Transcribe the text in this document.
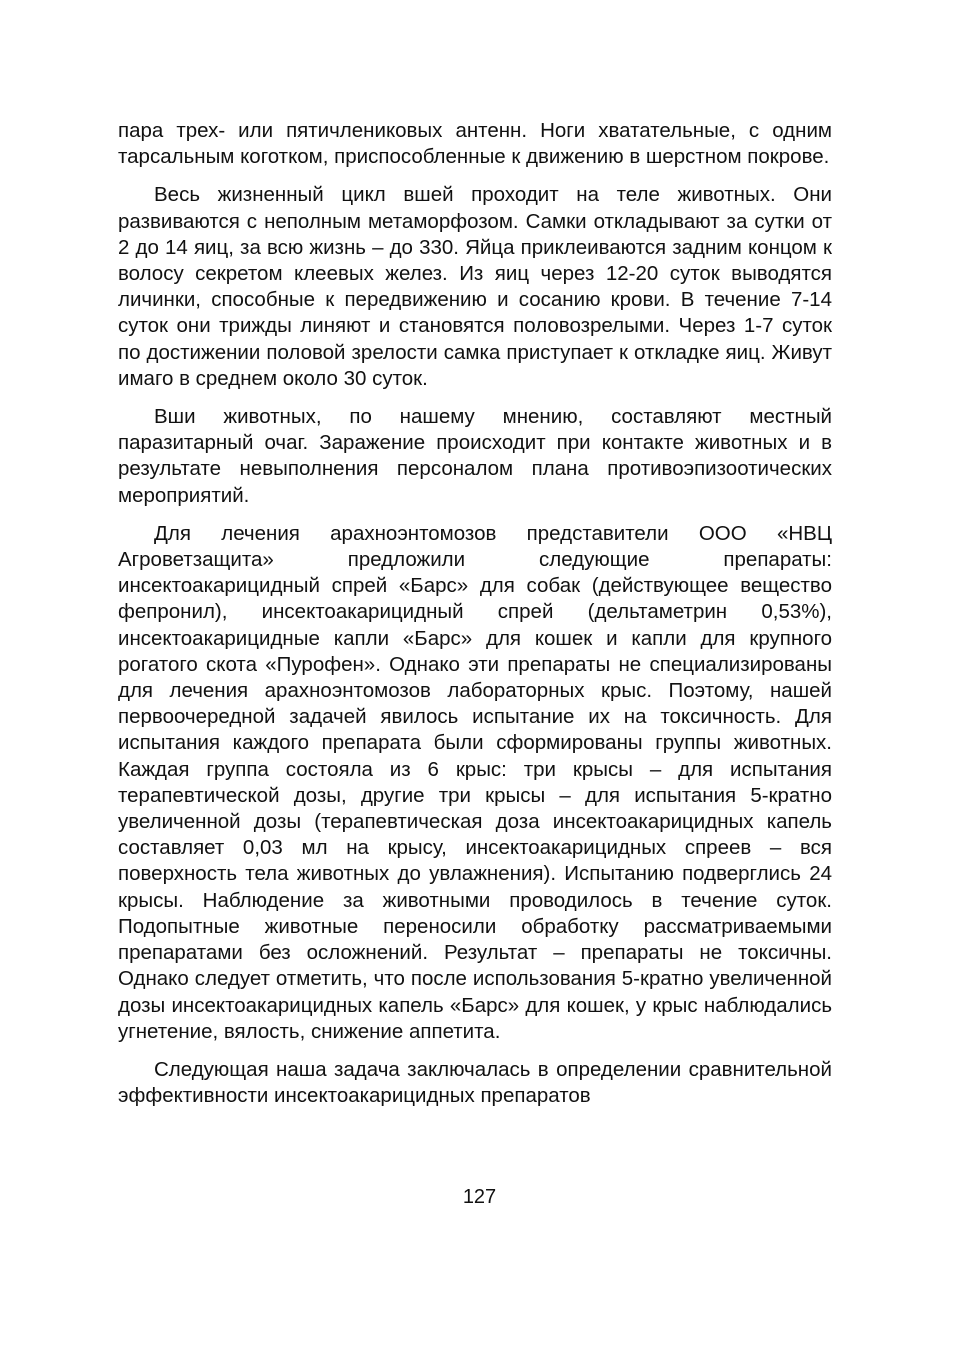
пара трех- или пятичлениковых антенн. Ноги хватательные, с одним тарсальным коготком, приспособленные к движению в шерстном покрове.

Весь жизненный цикл вшей проходит на теле животных. Они развиваются с неполным метаморфозом. Самки откладывают за сутки от 2 до 14 яиц, за всю жизнь – до 330. Яйца приклеиваются задним концом к волосу секретом клеевых желез. Из яиц через 12-20 суток выводятся личинки, способные к передвижению и сосанию крови. В течение 7-14 суток они трижды линяют и становятся половозрелыми. Через 1-7 суток по достижении половой зрелости самка приступает к откладке яиц. Живут имаго в среднем около 30 суток.

Вши животных, по нашему мнению, составляют местный паразитарный очаг. Заражение происходит при контакте животных и в результате невыполнения персоналом плана противоэпизоотических мероприятий.

Для лечения арахноэнтомозов представители ООО «НВЦ Агроветзащита» предложили следующие препараты: инсектоакарицидный спрей «Барс» для собак (действующее вещество фепронил), инсектоакарицидный спрей (дельтаметрин 0,53%), инсектоакарицидные капли «Барс» для кошек и капли для крупного рогатого скота «Пурофен». Однако эти препараты не специализированы для лечения арахноэнтомозов лабораторных крыс. Поэтому, нашей первоочередной задачей явилось испытание их на токсичность. Для испытания каждого препарата были сформированы группы животных. Каждая группа состояла из 6 крыс: три крысы – для испытания терапевтической дозы, другие три крысы – для испытания 5-кратно увеличенной дозы (терапевтическая доза инсектоакарицидных капель составляет 0,03 мл на крысу, инсектоакарицидных спреев – вся поверхность тела животных до увлажнения). Испытанию подверглись 24 крысы. Наблюдение за животными проводилось в течение суток. Подопытные животные переносили обработку рассматриваемыми препаратами без осложнений. Результат – препараты не токсичны. Однако следует отметить, что после использования 5-кратно увеличенной дозы инсектоакарицидных капель «Барс» для кошек, у крыс наблюдались угнетение, вялость, снижение аппетита.

Следующая наша задача заключалась в определении сравнительной эффективности инсектоакарицидных препаратов

127
